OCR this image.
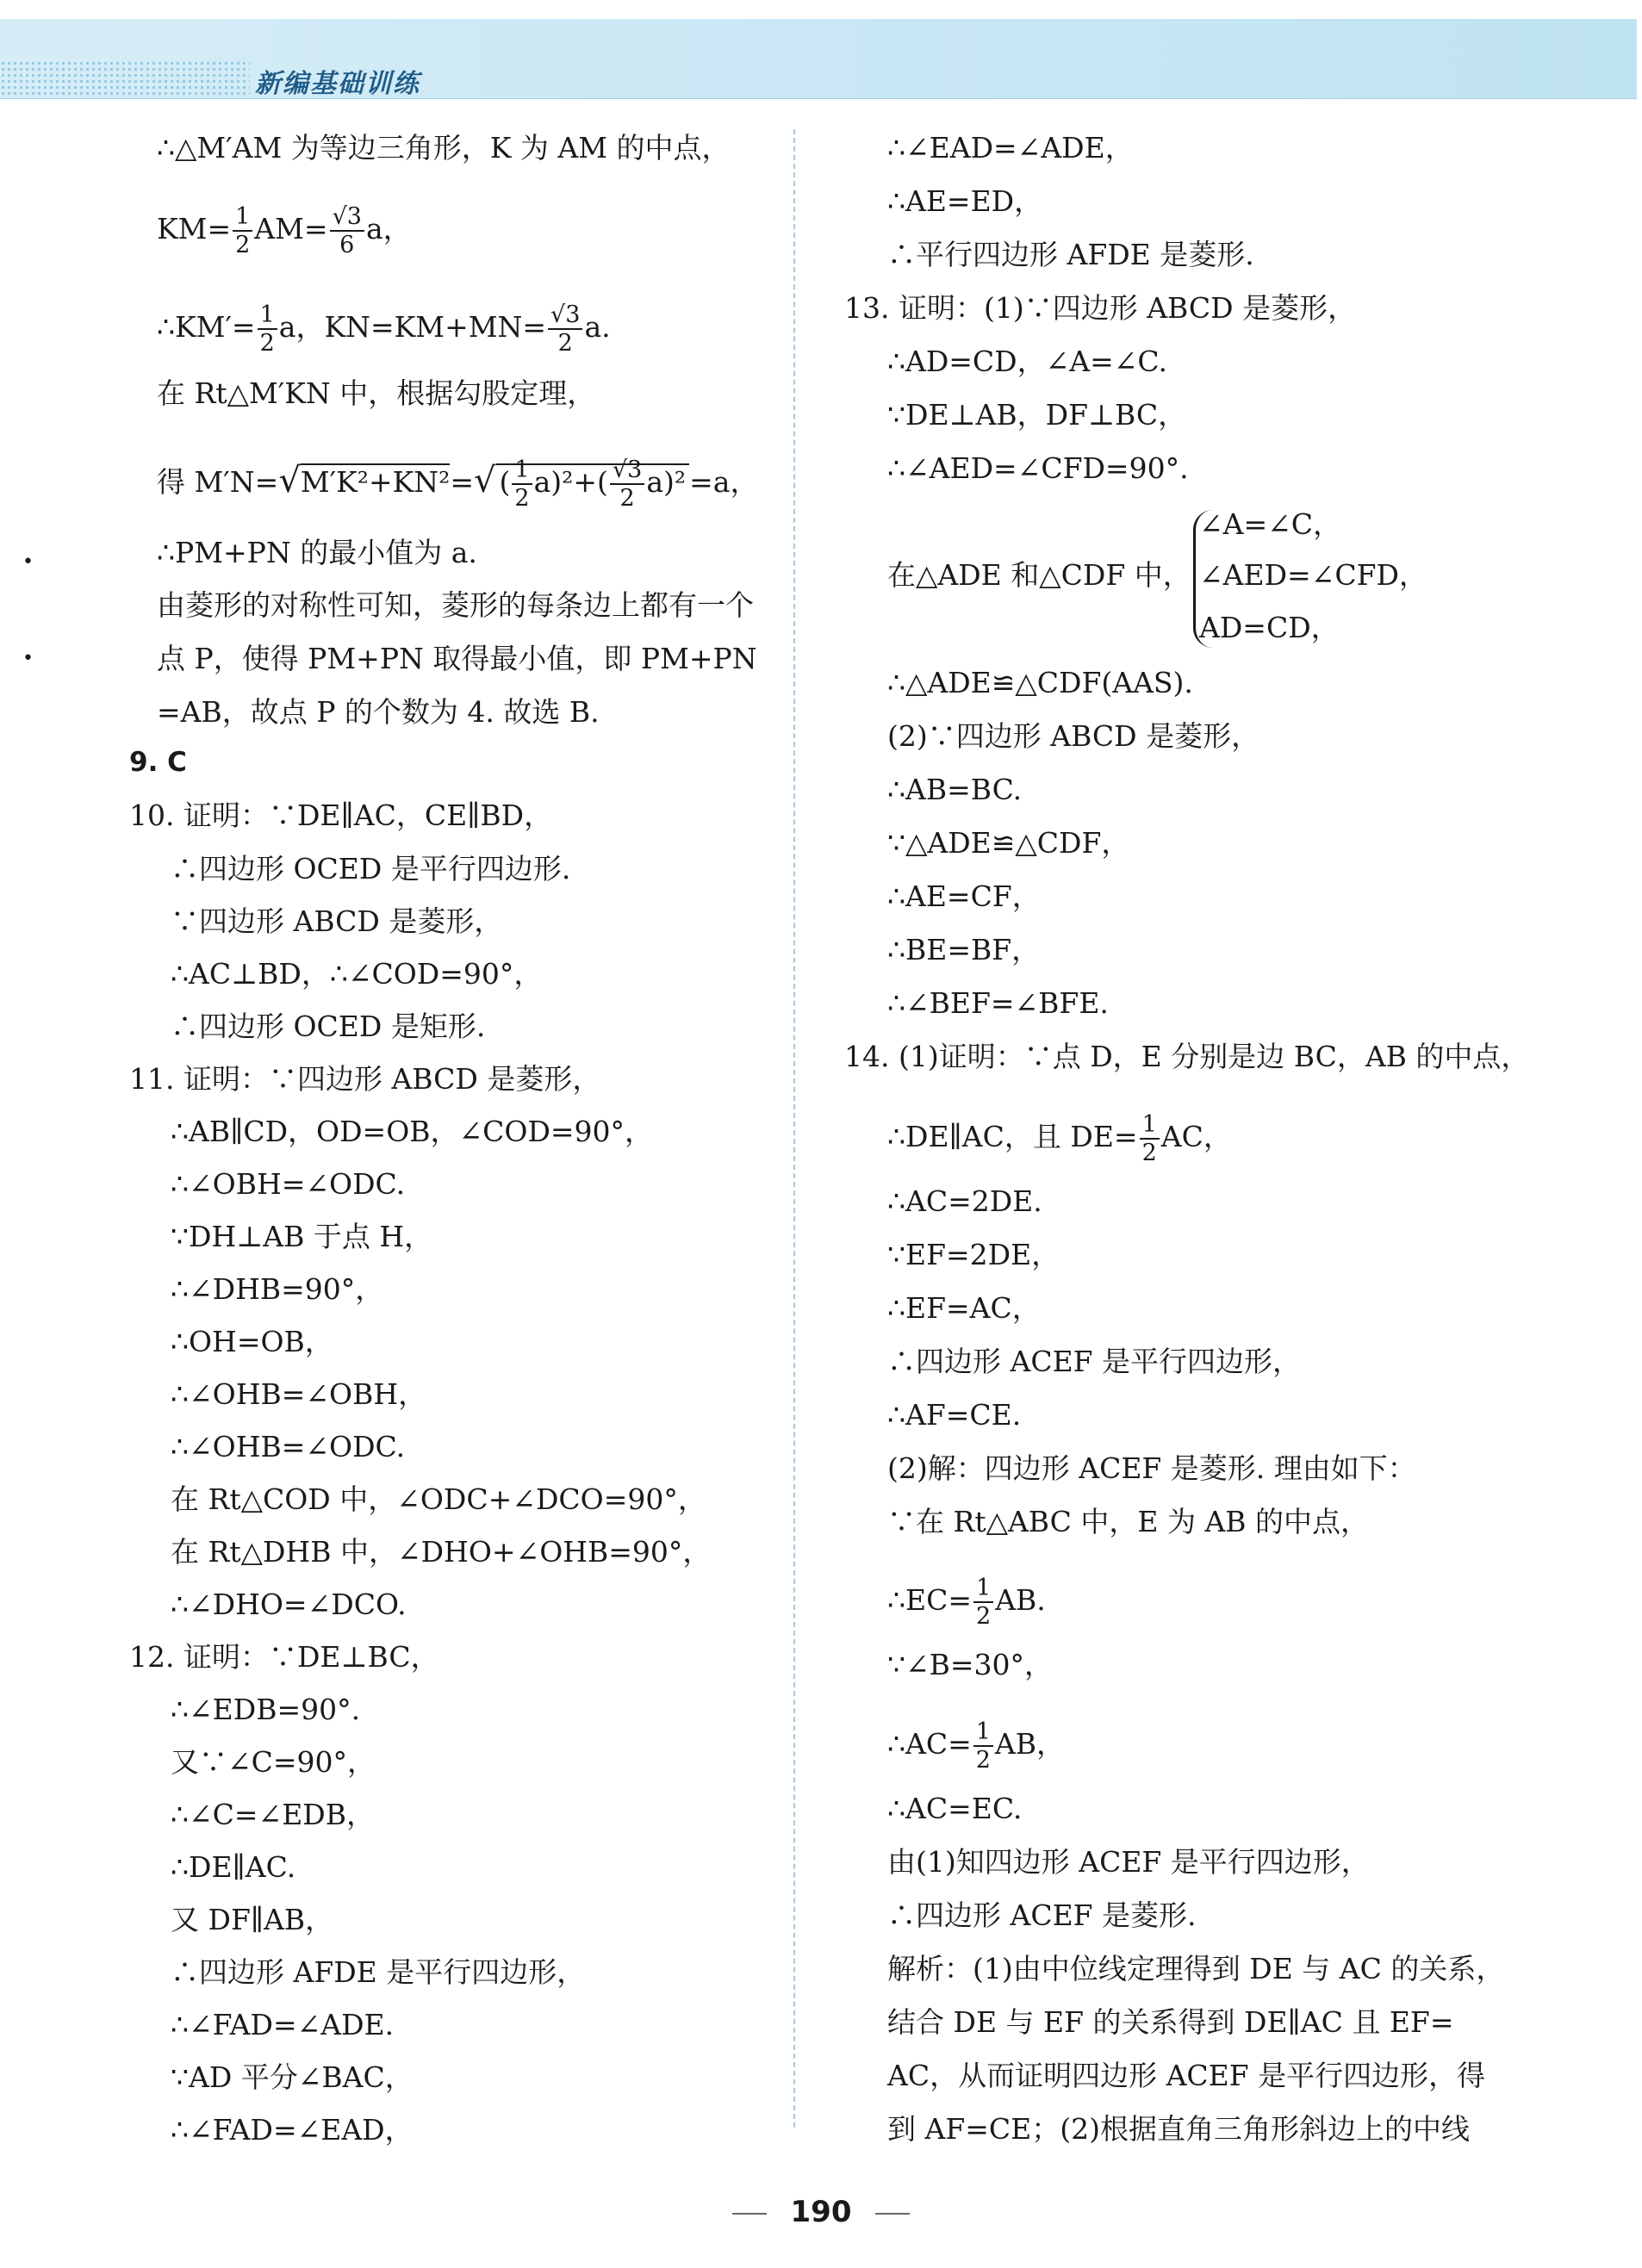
新编基础训练
∴△M′AM 为等边三角形，K 为 AM 的中点，
$KM= \frac{1}{2} AM= \frac{√3}{6}$ a，
∴KM′= $\frac{1}{2}$ a，$KN=KM+MN= \frac{√3}{2} a$.
在 Rt△M′KN 中，根据勾股定理，
得 M′N=√M′K²+KN²=√ ( $\frac{1}{2} a)^2+( \frac{√3}{2} a)^2 =a$，
•
•
∴PM+PN 的最小值为 a.
由菱形的对称性可知，菱形的每条边上都有一个
点 P，使得 PM+PN 取得最小值，即 PM+PN
=AB，故点 P 的个数为 4. 故选 B.
9. C
10. 证明：∵DE∥AC，CE∥BD，
∴四边形 OCED 是平行四边形.
∵四边形 ABCD 是菱形，
∴AC⊥BD，∴∠COD=90°，
∴四边形 OCED 是矩形.
11. 证明：∵四边形 ABCD 是菱形，
∴AB∥CD，OD=OB，∠COD=90°，
∴∠OBH=∠ODC.
∵DH⊥AB 于点 H，
∴∠DHB=90°，
∴OH=OB，
∴∠OHB=∠OBH，
∴∠OHB=∠ODC.
在 Rt△COD 中，∠ODC+∠DCO=90°，
在 Rt△DHB 中，∠DHO+∠OHB=90°，
∴∠DHO=∠DCO.
12. 证明：∵DE⊥BC，
∴∠EDB=90°.
又∵∠C=90°，
∴∠C=∠EDB，
∴DE∥AC.
又 DF∥AB，
∴四边形 AFDE 是平行四边形，
∴∠FAD=∠ADE.
∵AD 平分∠BAC，
∴∠FAD=∠EAD，
∴∠EAD=∠ADE，
∴AE=ED，
∴平行四边形 AFDE 是菱形.
13. 证明：(1)∵四边形 ABCD 是菱形，
∴AD=CD，∠A=∠C.
∵DE⊥AB，DF⊥BC，
∴∠AED=∠CFD=90°.
在△ADE 和△CDF 中，
∠A=∠C，
∠AED=∠CFD，
AD=CD，
∴△ADE≌△CDF(AAS).
(2)∵四边形 ABCD 是菱形，
∴AB=BC.
∵△ADE≌△CDF，
∴AE=CF，
∴BE=BF，
∴∠BEF=∠BFE.
14. (1)证明：∵点 D，E 分别是边 BC，AB 的中点，
∴DE∥AC，且 $DE= \frac{1}{2}$ AC，
∴AC=2DE.
∵EF=2DE，
∴EF=AC，
∴四边形 ACEF 是平行四边形，
∴AF=CE.
(2)解：四边形 ACEF 是菱形. 理由如下：
∵在 Rt△ABC 中，E 为 AB 的中点，
∴EC= $\frac{1}{2}$ AB.
∵∠B=30°，
∴AC= $\frac{1}{2}$ AB，
∴AC=EC.
由(1)知四边形 ACEF 是平行四边形，
∴四边形 ACEF 是菱形.
解析：(1)由中位线定理得到 DE 与 AC 的关系，
结合 DE 与 EF 的关系得到 DE∥AC 且 EF=
AC，从而证明四边形 ACEF 是平行四边形，得
到 AF=CE；(2)根据直角三角形斜边上的中线
190
